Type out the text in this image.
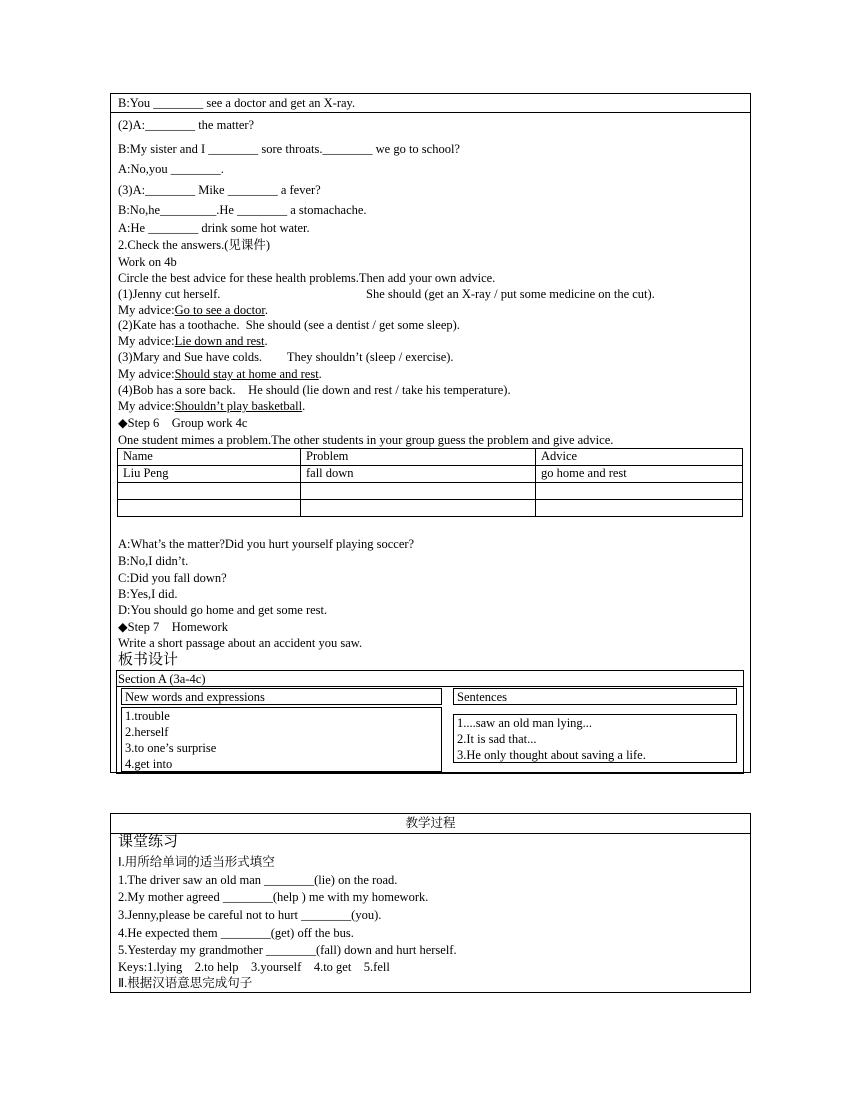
B:You ________ see a doctor and get an X-ray.
(2)A:________ the matter?
B:My sister and I ________ sore throats.________ we go to school?
A:No,you ________.
(3)A:________ Mike ________ a fever?
B:No,he_________.He ________ a stomachache.
A:He ________ drink some hot water.
2.Check the answers.(见课件)
Work on 4b
Circle the best advice for these health problems.Then add your own advice.
(1)Jenny cut herself.	She should (get an X-ray / put some medicine on the cut).
My advice:Go to see a doctor.
(2)Kate has a toothache.  She should (see a dentist / get some sleep).
My advice:Lie down and rest.
(3)Mary and Sue have colds.        They shouldn’t (sleep / exercise).
My advice:Should stay at home and rest.
(4)Bob has a sore back.    He should (lie down and rest / take his temperature).
My advice:Shouldn’t play basketball.
◆Step 6    Group work 4c
One student mimes a problem.The other students in your group guess the problem and give advice.
Name	Problem	Advice
Liu Peng	fall down	go home and rest

A:What’s the matter?Did you hurt yourself playing soccer?
B:No,I didn’t.
C:Did you fall down?
B:Yes,I did.
D:You should go home and get some rest.
◆Step 7    Homework
Write a short passage about an accident you saw.
板书设计
Section A (3a-4c)
New words and expressions
1.trouble
2.herself
3.to one’s surprise
4.get into
Sentences
1....saw an old man lying...
2.It is sad that...
3.He only thought about saving a life.
教学过程
课堂练习
Ⅰ.用所给单词的适当形式填空
1.The driver saw an old man ________(lie) on the road.
2.My mother agreed ________(help ) me with my homework.
3.Jenny,please be careful not to hurt ________(you).
4.He expected them ________(get) off the bus.
5.Yesterday my grandmother ________(fall) down and hurt herself.
Keys:1.lying    2.to help    3.yourself    4.to get    5.fell
Ⅱ.根据汉语意思完成句子
